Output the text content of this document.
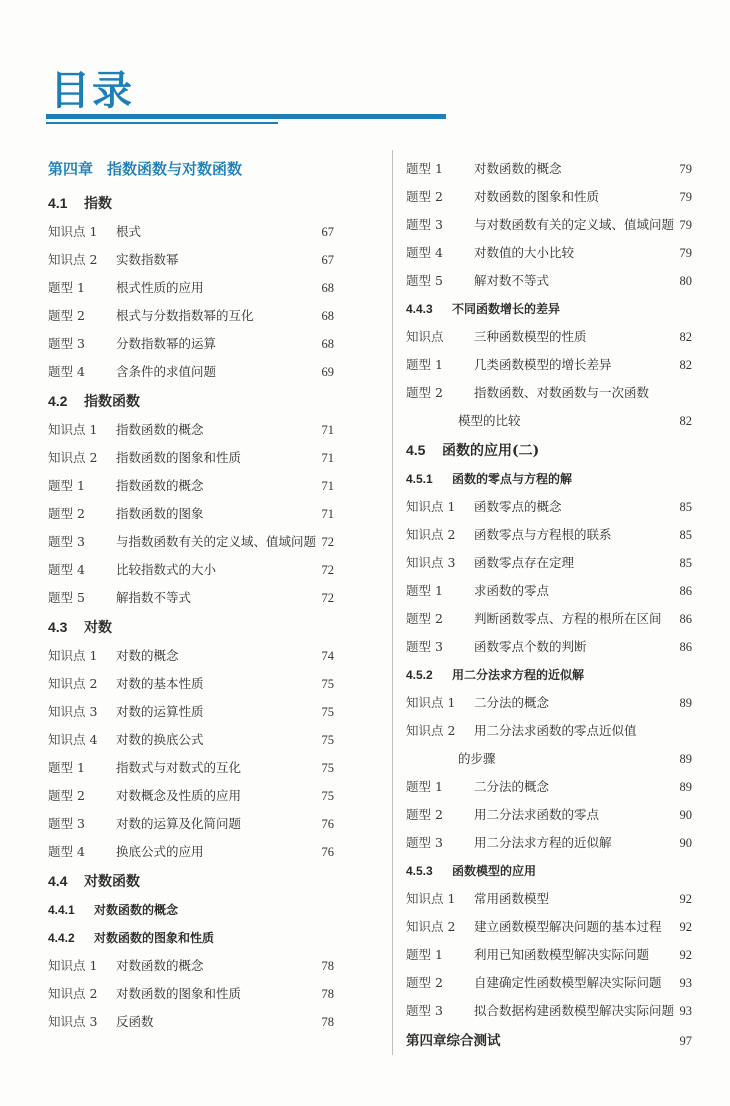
目录
第四章 指数函数与对数函数
4.1 指数
知识点 1 根式	67
知识点 2 实数指数幂	67
题型 1 根式性质的应用	68
题型 2 根式与分数指数幂的互化	68
题型 3 分数指数幂的运算	68
题型 4 含条件的求值问题	69
4.2 指数函数
知识点 1 指数函数的概念	71
知识点 2 指数函数的图象和性质	71
题型 1 指数函数的概念	71
题型 2 指数函数的图象	71
题型 3 与指数函数有关的定义域、值域问题 72
题型 4 比较指数式的大小	72
题型 5 解指数不等式	72
4.3 对数
知识点 1 对数的概念	74
知识点 2 对数的基本性质	75
知识点 3 对数的运算性质	75
知识点 4 对数的换底公式	75
题型 1 指数式与对数式的互化	75
题型 2 对数概念及性质的应用	75
题型 3 对数的运算及化简问题	76
题型 4 换底公式的应用	76
4.4 对数函数
4.4.1 对数函数的概念
4.4.2 对数函数的图象和性质
知识点 1 对数函数的概念	78
知识点 2 对数函数的图象和性质	78
知识点 3 反函数	78
题型 1 对数函数的概念	79
题型 2 对数函数的图象和性质	79
题型 3 与对数函数有关的定义域、值域问题 79
题型 4 对数值的大小比较	79
题型 5 解对数不等式	80
4.4.3 不同函数增长的差异
知识点 三种函数模型的性质	82
题型 1 几类函数模型的增长差异	82
题型 2 指数函数、对数函数与一次函数
模型的比较	82
4.5 函数的应用(二)
4.5.1 函数的零点与方程的解
知识点 1 函数零点的概念	85
知识点 2 函数零点与方程根的联系	85
知识点 3 函数零点存在定理	85
题型 1 求函数的零点	86
题型 2 判断函数零点、方程的根所在区间 86
题型 3 函数零点个数的判断	86
4.5.2 用二分法求方程的近似解
知识点 1 二分法的概念	89
知识点 2 用二分法求函数的零点近似值
的步骤	89
题型 1 二分法的概念	89
题型 2 用二分法求函数的零点	90
题型 3 用二分法求方程的近似解	90
4.5.3 函数模型的应用
知识点 1 常用函数模型	92
知识点 2 建立函数模型解决问题的基本过程 92
题型 1 利用已知函数模型解决实际问题 92
题型 2 自建确定性函数模型解决实际问题 93
题型 3 拟合数据构建函数模型解决实际问题 93
第四章综合测试	97
